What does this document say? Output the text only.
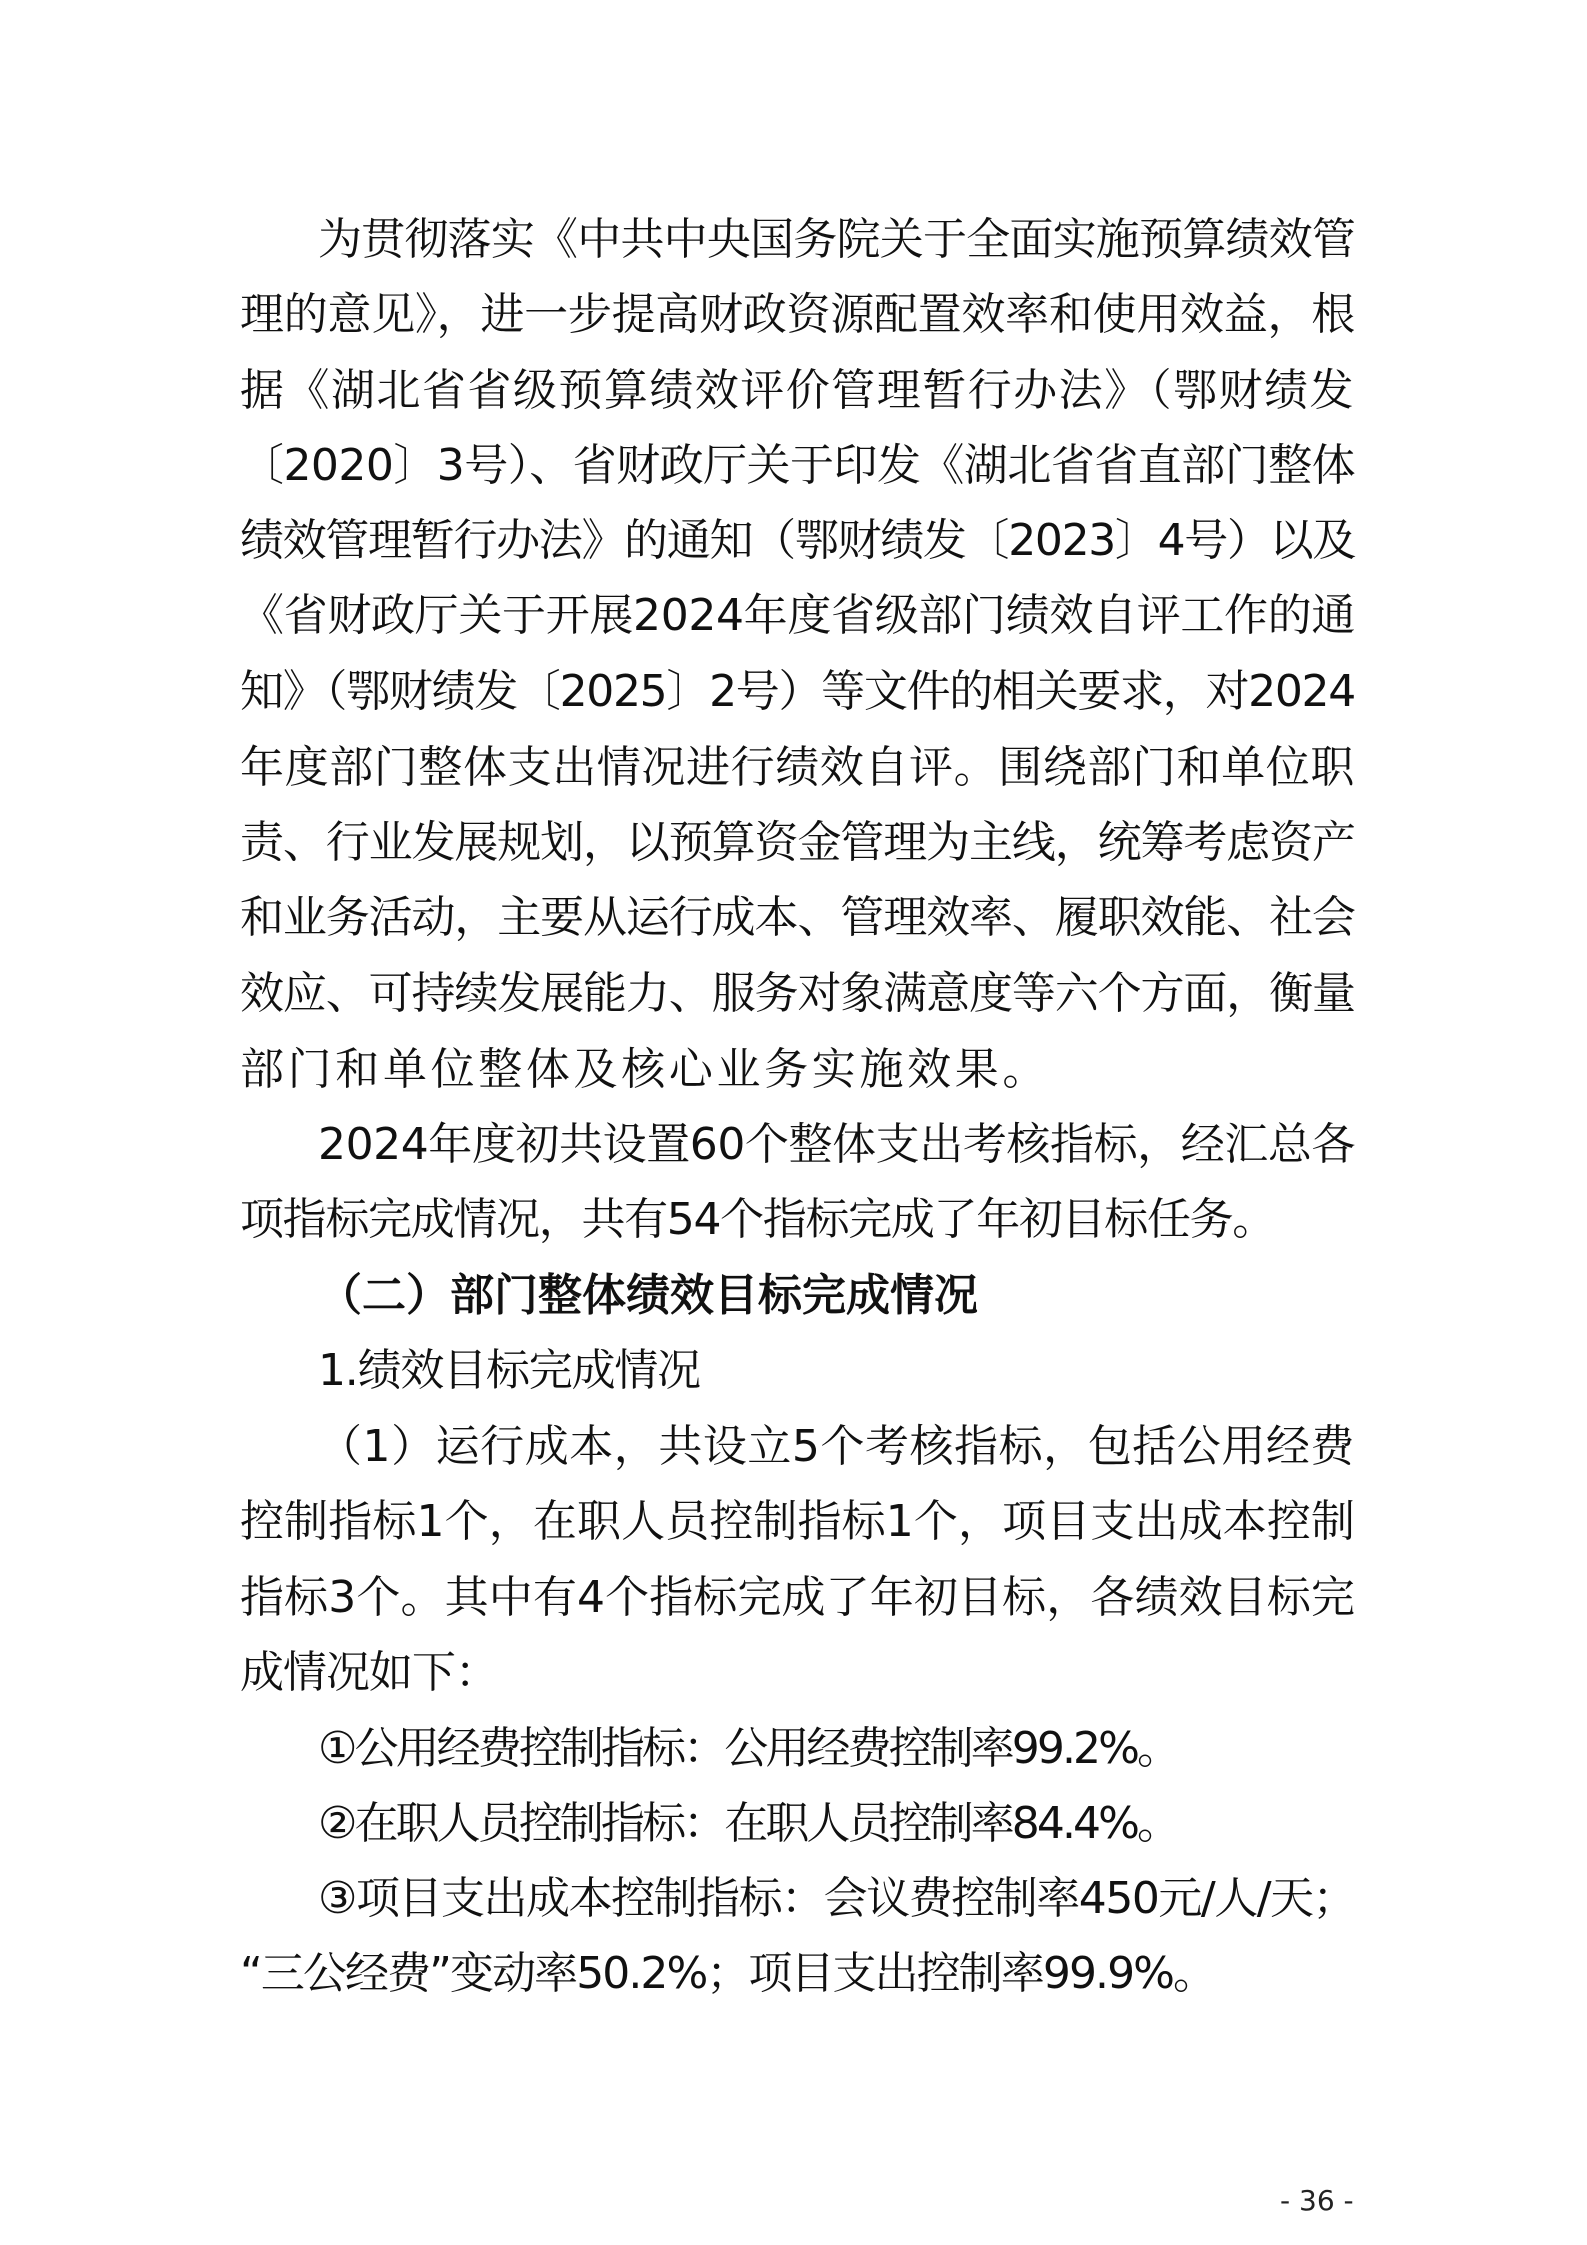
为贯彻落实《中共中央国务院关于全面实施预算绩效管
理的意见》，进一步提高财政资源配置效率和使用效益，根
据《湖北省省级预算绩效评价管理暂行办法》（鄂财绩发
〔2020〕3号）、省财政厅关于印发《湖北省省直部门整体
绩效管理暂行办法》的通知（鄂财绩发〔2023〕4号）以及
《省财政厅关于开展2024年度省级部门绩效自评工作的通
知》（鄂财绩发〔2025〕2号）等文件的相关要求，对2024
年度部门整体支出情况进行绩效自评。围绕部门和单位职
责、行业发展规划，以预算资金管理为主线，统筹考虑资产
和业务活动，主要从运行成本、管理效率、履职效能、社会
效应、可持续发展能力、服务对象满意度等六个方面，衡量
部门和单位整体及核心业务实施效果。
2024年度初共设置60个整体支出考核指标，经汇总各
项指标完成情况，共有54个指标完成了年初目标任务。
（二）部门整体绩效目标完成情况
1.绩效目标完成情况
（1）运行成本，共设立5个考核指标，包括公用经费
控制指标1个，在职人员控制指标1个，项目支出成本控制
指标3个。其中有4个指标完成了年初目标，各绩效目标完
成情况如下：
①公用经费控制指标：公用经费控制率99.2%。
②在职人员控制指标：在职人员控制率84.4%。
③项目支出成本控制指标：会议费控制率450元/人/天；
“三公经费”变动率50.2%；项目支出控制率99.9%。
- 36 -
